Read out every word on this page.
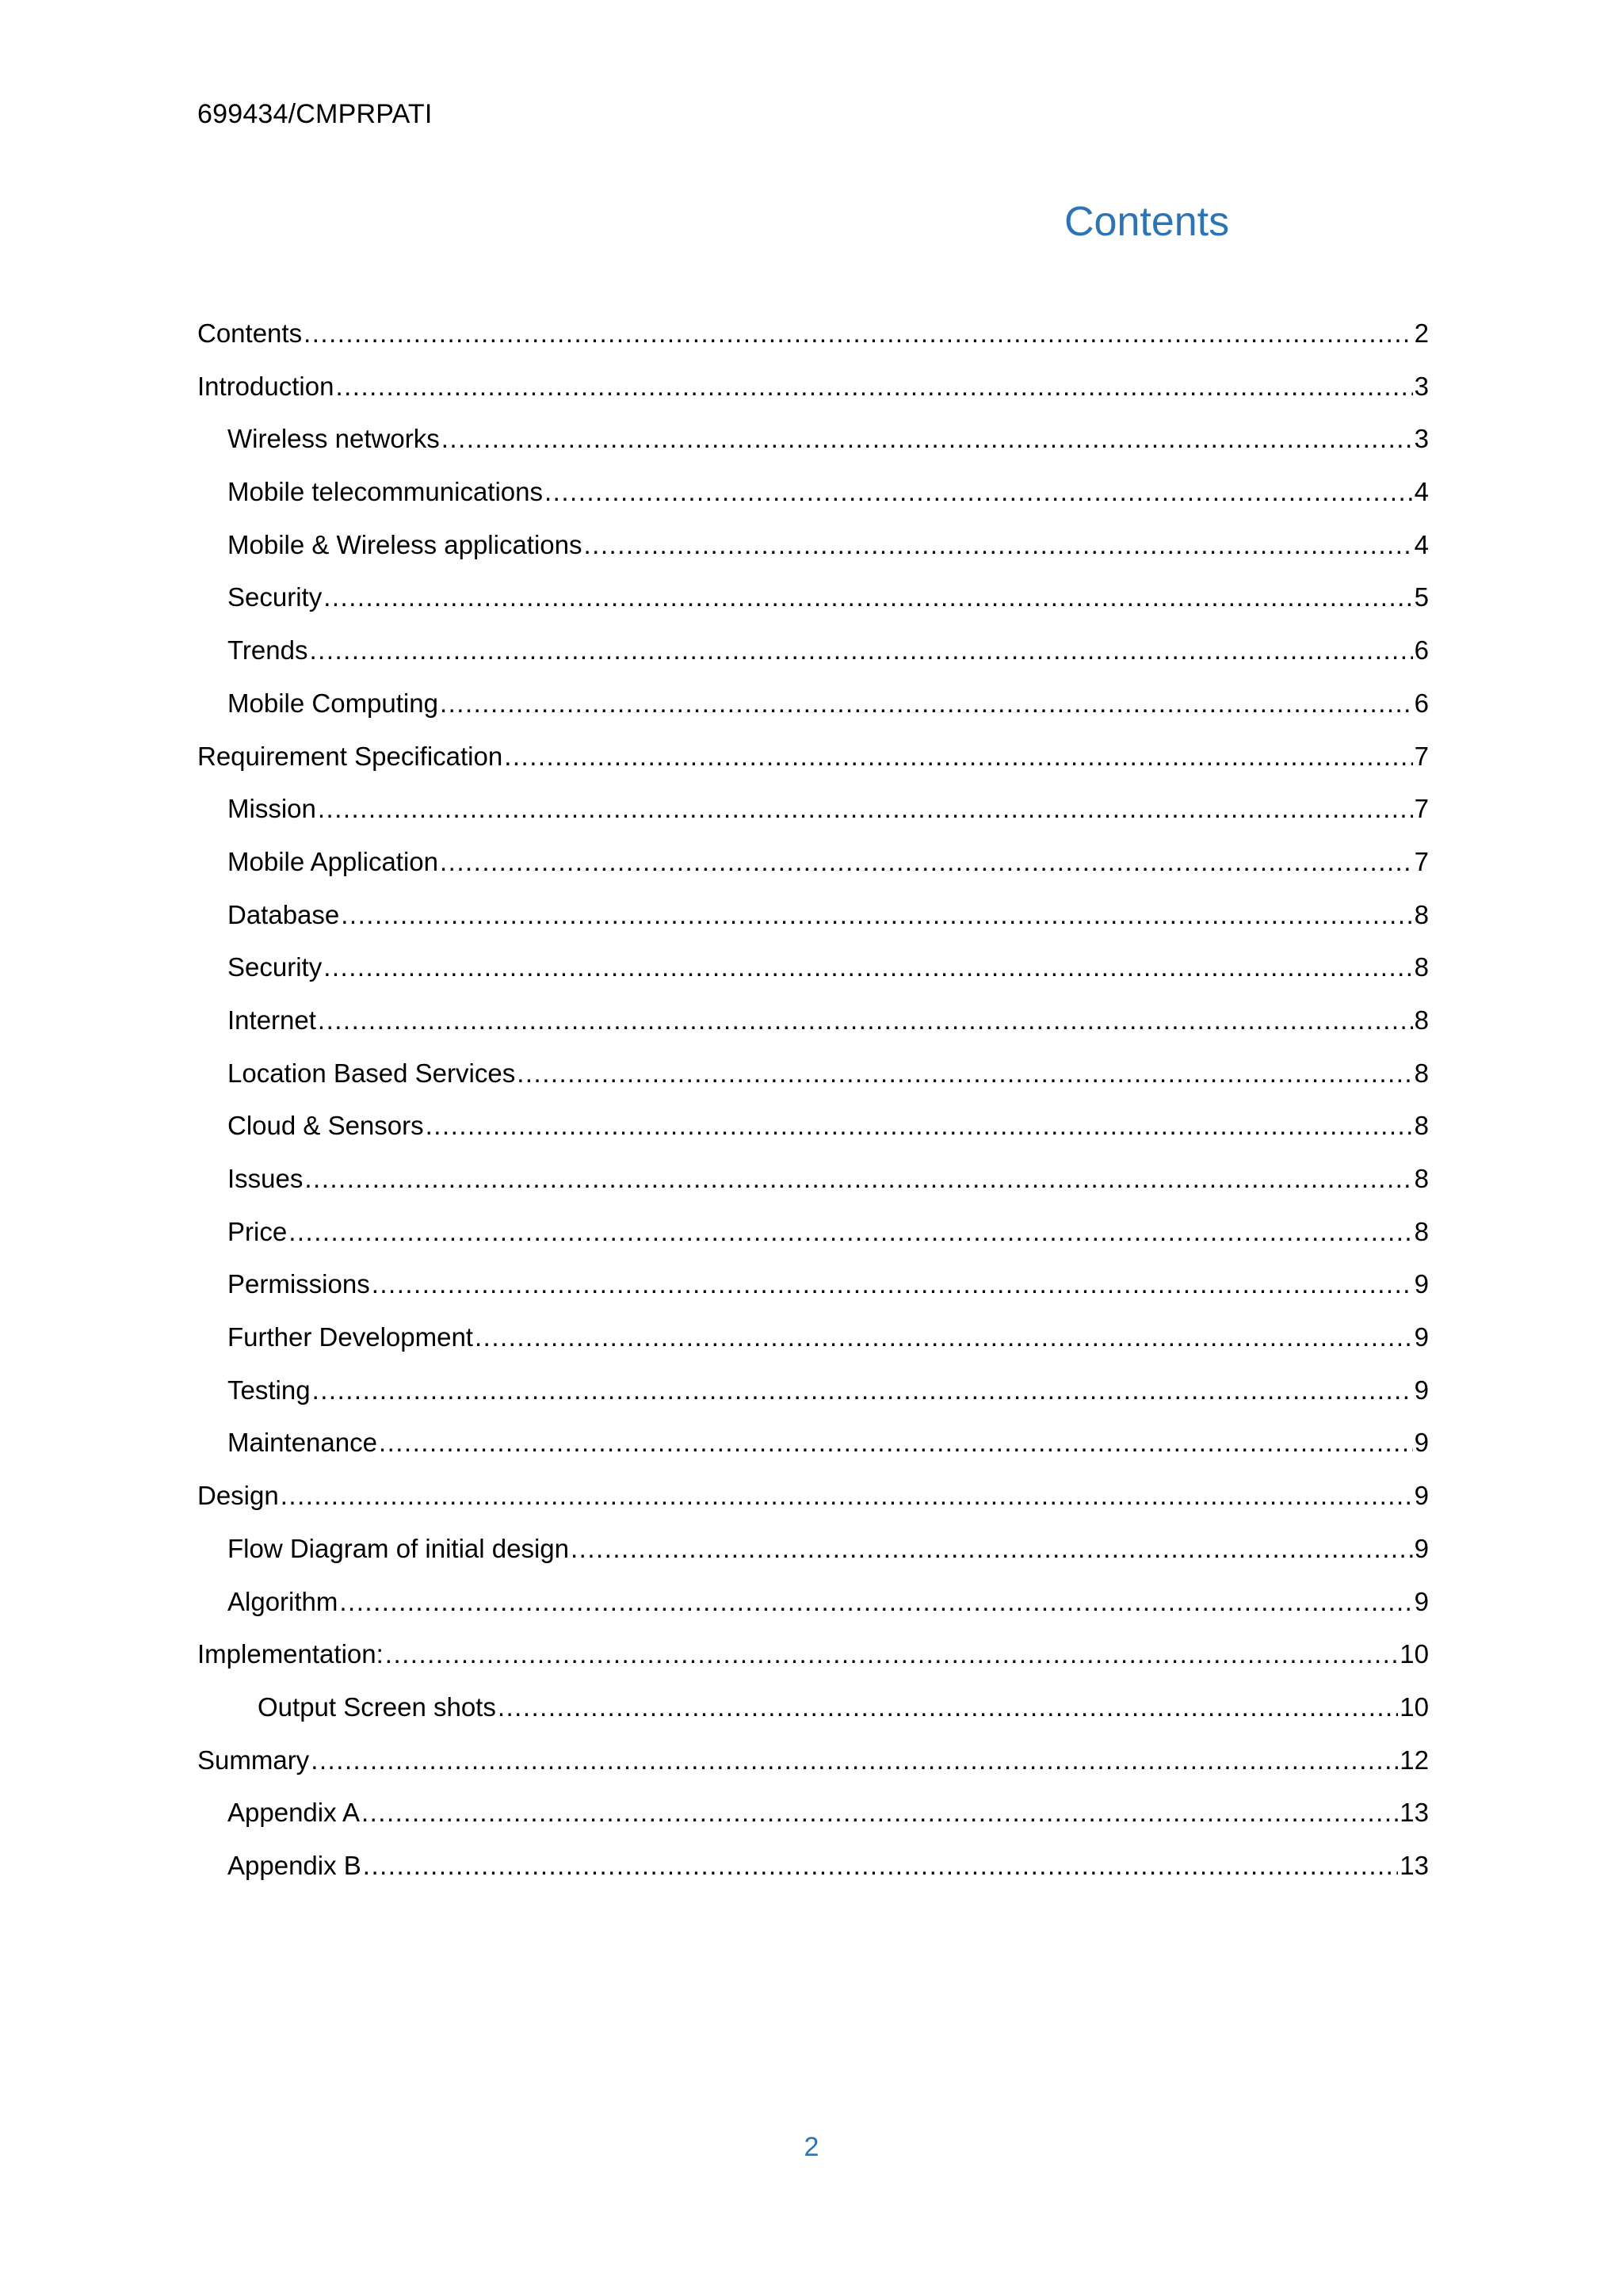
699434/CMPRPATI
Contents
Contents .....	2
Introduction .....	3
Wireless networks .....	3
Mobile telecommunications .....	4
Mobile & Wireless applications .....	4
Security .....	5
Trends .....	6
Mobile Computing .....	6
Requirement Specification .....	7
Mission .....	7
Mobile Application .....	7
Database .....	8
Security .....	8
Internet .....	8
Location Based Services .....	8
Cloud & Sensors .....	8
Issues .....	8
Price .....	8
Permissions .....	9
Further Development .....	9
Testing .....	9
Maintenance .....	9
Design .....	9
Flow Diagram of initial design .....	9
Algorithm .....	9
Implementation: .....	10
Output Screen shots .....	10
Summary .....	12
Appendix A .....	13
Appendix B .....	13
2
